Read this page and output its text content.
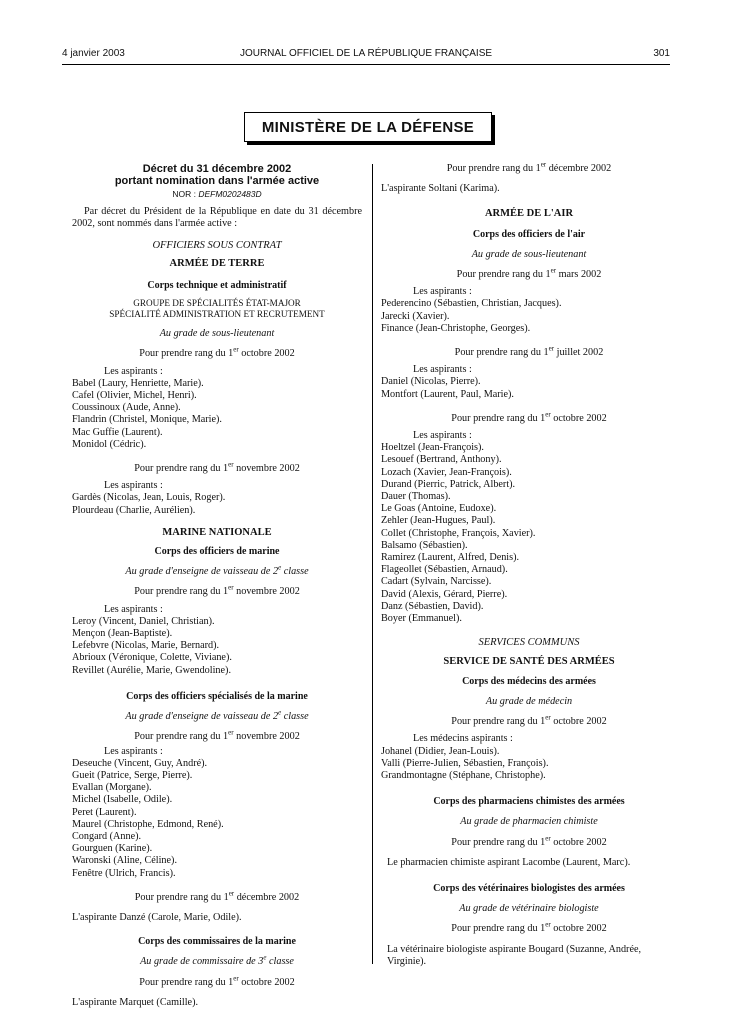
4 janvier 2003	JOURNAL OFFICIEL DE LA RÉPUBLIQUE FRANÇAISE	301
MINISTÈRE DE LA DÉFENSE
Décret du 31 décembre 2002
portant nomination dans l'armée active
NOR : DEFM0202483D
Par décret du Président de la République en date du 31 décembre 2002, sont nommés dans l'armée active :
OFFICIERS SOUS CONTRAT
ARMÉE DE TERRE
Corps technique et administratif
GROUPE DE SPÉCIALITÉS ÉTAT-MAJOR
SPÉCIALITÉ ADMINISTRATION ET RECRUTEMENT
Au grade de sous-lieutenant
Pour prendre rang du 1er octobre 2002
Les aspirants :
Babel (Laury, Henriette, Marie).
Cafel (Olivier, Michel, Henri).
Coussinoux (Aude, Anne).
Flandrin (Christel, Monique, Marie).
Mac Guffie (Laurent).
Monidol (Cédric).
Pour prendre rang du 1er novembre 2002
Les aspirants :
Gardès (Nicolas, Jean, Louis, Roger).
Plourdeau (Charlie, Aurélien).
MARINE NATIONALE
Corps des officiers de marine
Au grade d'enseigne de vaisseau de 2e classe
Pour prendre rang du 1er novembre 2002
Les aspirants :
Leroy (Vincent, Daniel, Christian).
Mençon (Jean-Baptiste).
Lefebvre (Nicolas, Marie, Bernard).
Abrioux (Véronique, Colette, Viviane).
Revillet (Aurélie, Marie, Gwendoline).
Corps des officiers spécialisés de la marine
Au grade d'enseigne de vaisseau de 2e classe
Pour prendre rang du 1er novembre 2002
Les aspirants :
Deseuche (Vincent, Guy, André).
Gueit (Patrice, Serge, Pierre).
Evallan (Morgane).
Michel (Isabelle, Odile).
Peret (Laurent).
Maurel (Christophe, Edmond, René).
Congard (Anne).
Gourguen (Karine).
Waronski (Aline, Céline).
Fenêtre (Ulrich, Francis).
Pour prendre rang du 1er décembre 2002
L'aspirante Danzé (Carole, Marie, Odile).
Corps des commissaires de la marine
Au grade de commissaire de 3e classe
Pour prendre rang du 1er octobre 2002
L'aspirante Marquet (Camille).
Pour prendre rang du 1er décembre 2002
L'aspirante Soltani (Karima).
ARMÉE DE L'AIR
Corps des officiers de l'air
Au grade de sous-lieutenant
Pour prendre rang du 1er mars 2002
Les aspirants :
Pederencino (Sébastien, Christian, Jacques).
Jarecki (Xavier).
Finance (Jean-Christophe, Georges).
Pour prendre rang du 1er juillet 2002
Les aspirants :
Daniel (Nicolas, Pierre).
Montfort (Laurent, Paul, Marie).
Pour prendre rang du 1er octobre 2002
Les aspirants :
Hoeltzel (Jean-François).
Lesouef (Bertrand, Anthony).
Lozach (Xavier, Jean-François).
Durand (Pierric, Patrick, Albert).
Dauer (Thomas).
Le Goas (Antoine, Eudoxe).
Zehler (Jean-Hugues, Paul).
Collet (Christophe, François, Xavier).
Balsamo (Sébastien).
Ramirez (Laurent, Alfred, Denis).
Flageollet (Sébastien, Arnaud).
Cadart (Sylvain, Narcisse).
David (Alexis, Gérard, Pierre).
Danz (Sébastien, David).
Boyer (Emmanuel).
SERVICES COMMUNS
SERVICE DE SANTÉ DES ARMÉES
Corps des médecins des armées
Au grade de médecin
Pour prendre rang du 1er octobre 2002
Les médecins aspirants :
Johanel (Didier, Jean-Louis).
Valli (Pierre-Julien, Sébastien, François).
Grandmontagne (Stéphane, Christophe).
Corps des pharmaciens chimistes des armées
Au grade de pharmacien chimiste
Pour prendre rang du 1er octobre 2002
Le pharmacien chimiste aspirant Lacombe (Laurent, Marc).
Corps des vétérinaires biologistes des armées
Au grade de vétérinaire biologiste
Pour prendre rang du 1er octobre 2002
La vétérinaire biologiste aspirante Bougard (Suzanne, Andrée, Virginie).
